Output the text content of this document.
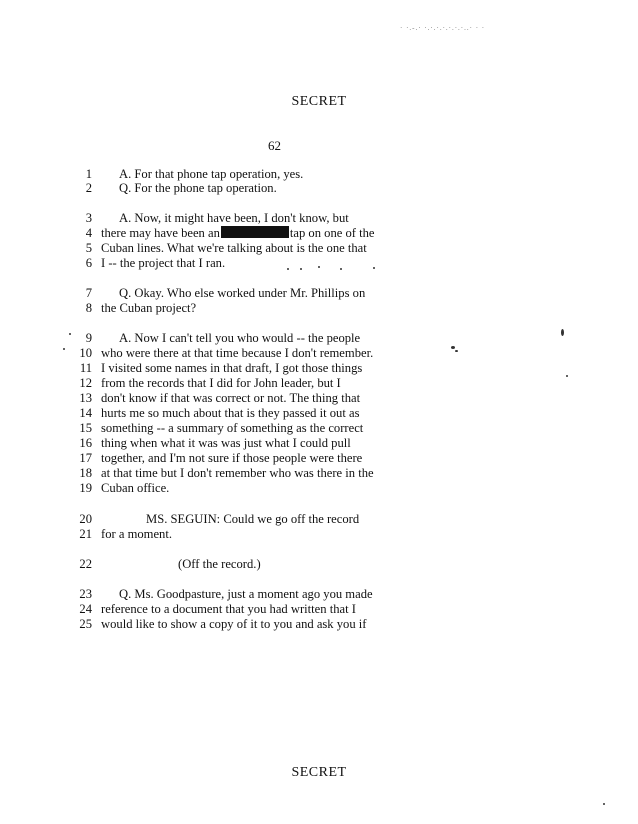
· ·.-.· ·.·.·.·.·.·.·..· · ·
SECRET
62
1 A. For that phone tap operation, yes.
2 Q. For the phone tap operation.
3 A. Now, it might have been, I don't know, but
4 there may have been an	tap on one of the
5 Cuban lines. What we're talking about is the one that
6 I -- the project that I ran.
7 Q. Okay. Who else worked under Mr. Phillips on
8 the Cuban project?
9 A. Now I can't tell you who would -- the people
10 who were there at that time because I don't remember.
11 I visited some names in that draft, I got those things
12 from the records that I did for John leader, but I
13 don't know if that was correct or not. The thing that
14 hurts me so much about that is they passed it out as
15 something -- a summary of something as the correct
16 thing when what it was was just what I could pull
17 together, and I'm not sure if those people were there
18 at that time but I don't remember who was there in the
19 Cuban office.
20	MS. SEGUIN: Could we go off the record
21 for a moment.
22	(Off the record.)
23 Q. Ms. Goodpasture, just a moment ago you made
24 reference to a document that you had written that I
25 would like to show a copy of it to you and ask you if
SECRET
